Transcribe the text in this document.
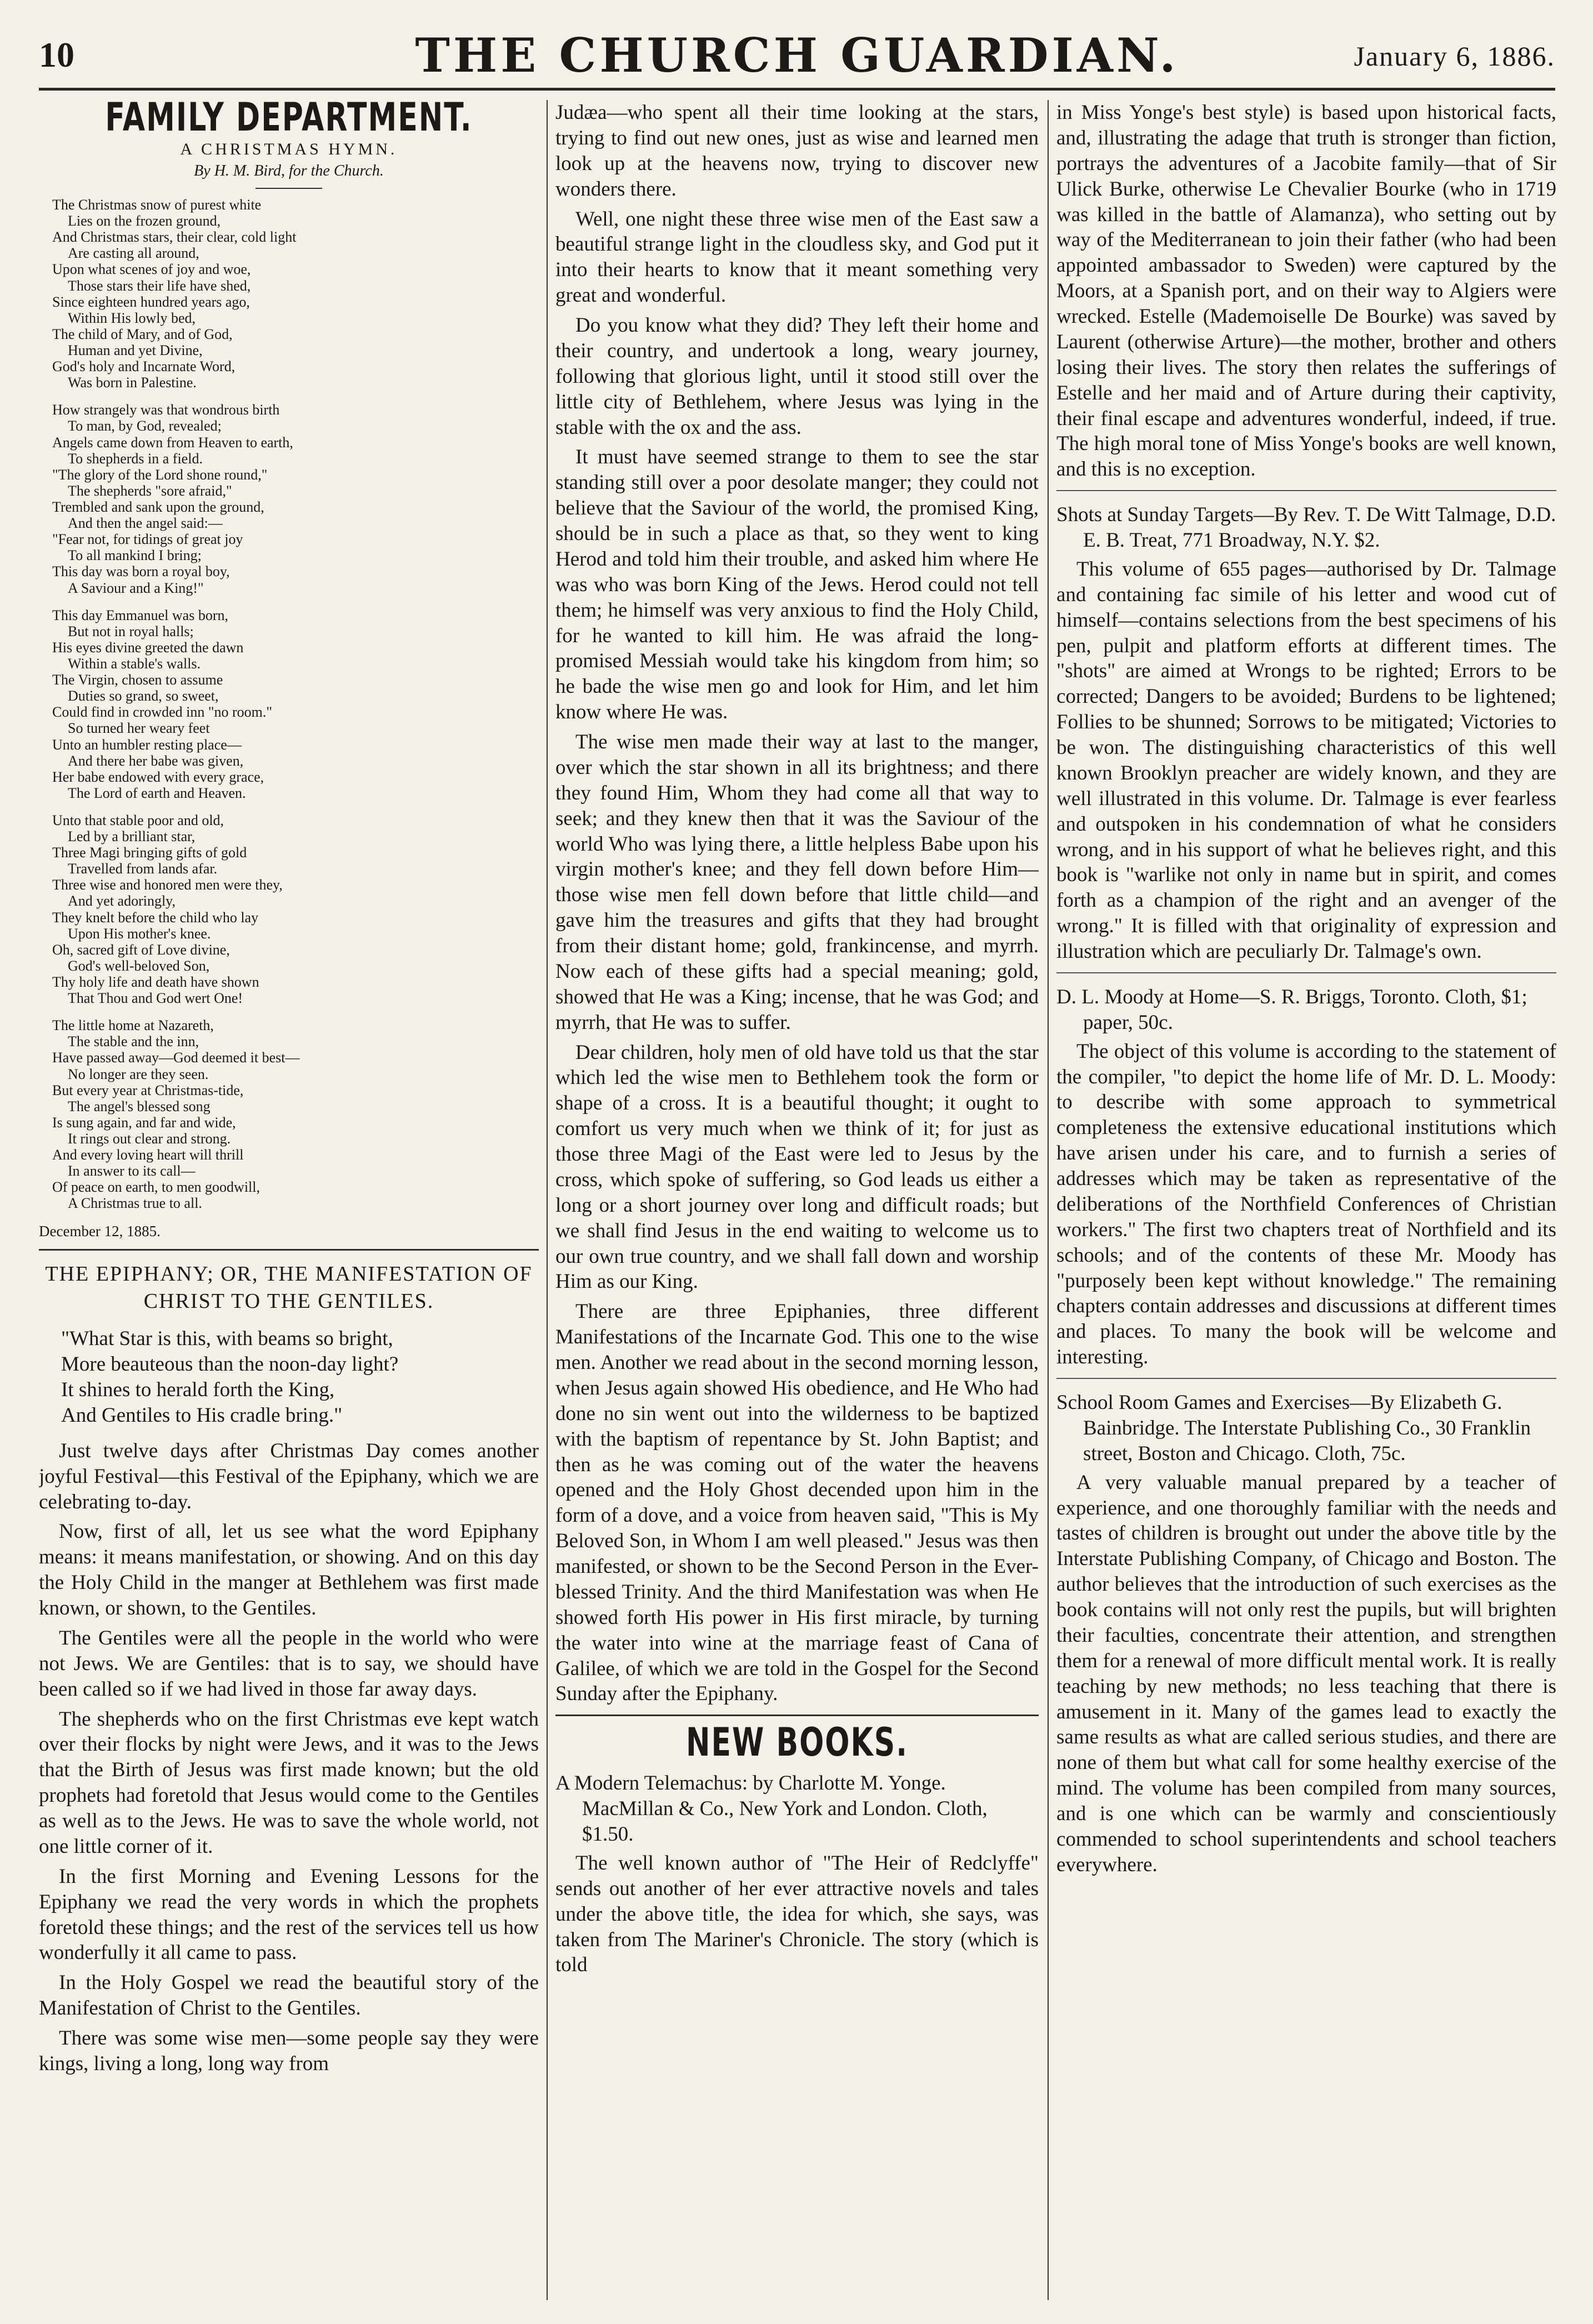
10	THE CHURCH GUARDIAN.	January 6, 1886.
FAMILY DEPARTMENT.
A CHRISTMAS HYMN.
By H. M. Bird, for the Church.
The Christmas snow of purest white
Lies on the frozen ground,
And Christmas stars, their clear, cold light
Are casting all around,
Upon what scenes of joy and woe,
Those stars their life have shed,
Since eighteen hundred years ago,
Within His lowly bed,
The child of Mary, and of God,
Human and yet Divine,
God's holy and Incarnate Word,
Was born in Palestine.
How strangely was that wondrous birth
To man, by God, revealed;
Angels came down from Heaven to earth,
To shepherds in a field.
"The glory of the Lord shone round,"
The shepherds "sore afraid,"
Trembled and sank upon the ground,
And then the angel said:—
"Fear not, for tidings of great joy
To all mankind I bring;
This day was born a royal boy,
A Saviour and a King!"
This day Emmanuel was born,
But not in royal halls;
His eyes divine greeted the dawn
Within a stable's walls.
The Virgin, chosen to assume
Duties so grand, so sweet,
Could find in crowded inn "no room."
So turned her weary feet
Unto an humbler resting place—
And there her babe was given,
Her babe endowed with every grace,
The Lord of earth and Heaven.
Unto that stable poor and old,
Led by a brilliant star,
Three Magi bringing gifts of gold
Travelled from lands afar.
Three wise and honored men were they,
And yet adoringly,
They knelt before the child who lay
Upon His mother's knee.
Oh, sacred gift of Love divine,
God's well-beloved Son,
Thy holy life and death have shown
That Thou and God wert One!
The little home at Nazareth,
The stable and the inn,
Have passed away—God deemed it best—
No longer are they seen.
But every year at Christmas-tide,
The angel's blessed song
Is sung again, and far and wide,
It rings out clear and strong.
And every loving heart will thrill
In answer to its call—
Of peace on earth, to men goodwill,
A Christmas true to all.
December 12, 1885.
THE EPIPHANY; OR, THE MANIFESTATION OF CHRIST TO THE GENTILES.
"What Star is this, with beams so bright,
More beauteous than the noon-day light?
It shines to herald forth the King,
And Gentiles to His cradle bring."

Just twelve days after Christmas Day comes another joyful Festival—this Festival of the Epiphany, which we are celebrating to-day.

Now, first of all, let us see what the word Epiphany means: it means manifestation, or showing. And on this day the Holy Child in the manger at Bethlehem was first made known, or shown, to the Gentiles.

The Gentiles were all the people in the world who were not Jews. We are Gentiles: that is to say, we should have been called so if we had lived in those far away days.

The shepherds who on the first Christmas eve kept watch over their flocks by night were Jews, and it was to the Jews that the Birth of Jesus was first made known; but the old prophets had foretold that Jesus would come to the Gentiles as well as to the Jews. He was to save the whole world, not one little corner of it.

In the first Morning and Evening Lessons for the Epiphany we read the very words in which the prophets foretold these things; and the rest of the services tell us how wonderfully it all came to pass.

In the Holy Gospel we read the beautiful story of the Manifestation of Christ to the Gentiles.

There was some wise men—some people say they were kings, living a long, long way from

Judæa—who spent all their time looking at the stars, trying to find out new ones, just as wise and learned men look up at the heavens now, trying to discover new wonders there.

Well, one night these three wise men of the East saw a beautiful strange light in the cloudless sky, and God put it into their hearts to know that it meant something very great and wonderful.

Do you know what they did? They left their home and their country, and undertook a long, weary journey, following that glorious light, until it stood still over the little city of Bethlehem, where Jesus was lying in the stable with the ox and the ass.

It must have seemed strange to them to see the star standing still over a poor desolate manger; they could not believe that the Saviour of the world, the promised King, should be in such a place as that, so they went to king Herod and told him their trouble, and asked him where He was who was born King of the Jews. Herod could not tell them; he himself was very anxious to find the Holy Child, for he wanted to kill him. He was afraid the long-promised Messiah would take his kingdom from him; so he bade the wise men go and look for Him, and let him know where He was.

The wise men made their way at last to the manger, over which the star shown in all its brightness; and there they found Him, Whom they had come all that way to seek; and they knew then that it was the Saviour of the world Who was lying there, a little helpless Babe upon his virgin mother's knee; and they fell down before Him—those wise men fell down before that little child—and gave him the treasures and gifts that they had brought from their distant home; gold, frankincense, and myrrh. Now each of these gifts had a special meaning; gold, showed that He was a King; incense, that he was God; and myrrh, that He was to suffer.

Dear children, holy men of old have told us that the star which led the wise men to Bethlehem took the form or shape of a cross. It is a beautiful thought; it ought to comfort us very much when we think of it; for just as those three Magi of the East were led to Jesus by the cross, which spoke of suffering, so God leads us either a long or a short journey over long and difficult roads; but we shall find Jesus in the end waiting to welcome us to our own true country, and we shall fall down and worship Him as our King.

There are three Epiphanies, three different Manifestations of the Incarnate God. This one to the wise men. Another we read about in the second morning lesson, when Jesus again showed His obedience, and He Who had done no sin went out into the wilderness to be baptized with the baptism of repentance by St. John Baptist; and then as he was coming out of the water the heavens opened and the Holy Ghost decended upon him in the form of a dove, and a voice from heaven said, "This is My Beloved Son, in Whom I am well pleased." Jesus was then manifested, or shown to be the Second Person in the Ever-blessed Trinity. And the third Manifestation was when He showed forth His power in His first miracle, by turning the water into wine at the marriage feast of Cana of Galilee, of which we are told in the Gospel for the Second Sunday after the Epiphany.

NEW BOOKS.
A Modern Telemachus: by Charlotte M. Yonge. MacMillan & Co., New York and London. Cloth, $1.50.

The well known author of "The Heir of Redclyffe" sends out another of her ever attractive novels and tales under the above title, the idea for which, she says, was taken from The Mariner's Chronicle. The story (which is told

in Miss Yonge's best style) is based upon historical facts, and, illustrating the adage that truth is stronger than fiction, portrays the adventures of a Jacobite family—that of Sir Ulick Burke, otherwise Le Chevalier Bourke (who in 1719 was killed in the battle of Alamanza), who setting out by way of the Mediterranean to join their father (who had been appointed ambassador to Sweden) were captured by the Moors, at a Spanish port, and on their way to Algiers were wrecked. Estelle (Mademoiselle De Bourke) was saved by Laurent (otherwise Arture)—the mother, brother and others losing their lives. The story then relates the sufferings of Estelle and her maid and of Arture during their captivity, their final escape and adventures wonderful, indeed, if true. The high moral tone of Miss Yonge's books are well known, and this is no exception.

Shots at Sunday Targets—By Rev. T. De Witt Talmage, D.D. E. B. Treat, 771 Broadway, N.Y. $2.

This volume of 655 pages—authorised by Dr. Talmage and containing fac simile of his letter and wood cut of himself—contains selections from the best specimens of his pen, pulpit and platform efforts at different times. The "shots" are aimed at Wrongs to be righted; Errors to be corrected; Dangers to be avoided; Burdens to be lightened; Follies to be shunned; Sorrows to be mitigated; Victories to be won. The distinguishing characteristics of this well known Brooklyn preacher are widely known, and they are well illustrated in this volume. Dr. Talmage is ever fearless and outspoken in his condemnation of what he considers wrong, and in his support of what he believes right, and this book is "warlike not only in name but in spirit, and comes forth as a champion of the right and an avenger of the wrong." It is filled with that originality of expression and illustration which are peculiarly Dr. Talmage's own.

D. L. Moody at Home—S. R. Briggs, Toronto. Cloth, $1; paper, 50c.

The object of this volume is according to the statement of the compiler, "to depict the home life of Mr. D. L. Moody: to describe with some approach to symmetrical completeness the extensive educational institutions which have arisen under his care, and to furnish a series of addresses which may be taken as representative of the deliberations of the Northfield Conferences of Christian workers." The first two chapters treat of Northfield and its schools; and of the contents of these Mr. Moody has "purposely been kept without knowledge." The remaining chapters contain addresses and discussions at different times and places. To many the book will be welcome and interesting.

School Room Games and Exercises—By Elizabeth G. Bainbridge. The Interstate Publishing Co., 30 Franklin street, Boston and Chicago. Cloth, 75c.

A very valuable manual prepared by a teacher of experience, and one thoroughly familiar with the needs and tastes of children is brought out under the above title by the Interstate Publishing Company, of Chicago and Boston. The author believes that the introduction of such exercises as the book contains will not only rest the pupils, but will brighten their faculties, concentrate their attention, and strengthen them for a renewal of more difficult mental work. It is really teaching by new methods; no less teaching that there is amusement in it. Many of the games lead to exactly the same results as what are called serious studies, and there are none of them but what call for some healthy exercise of the mind. The volume has been compiled from many sources, and is one which can be warmly and conscientiously commended to school superintendents and school teachers everywhere.
